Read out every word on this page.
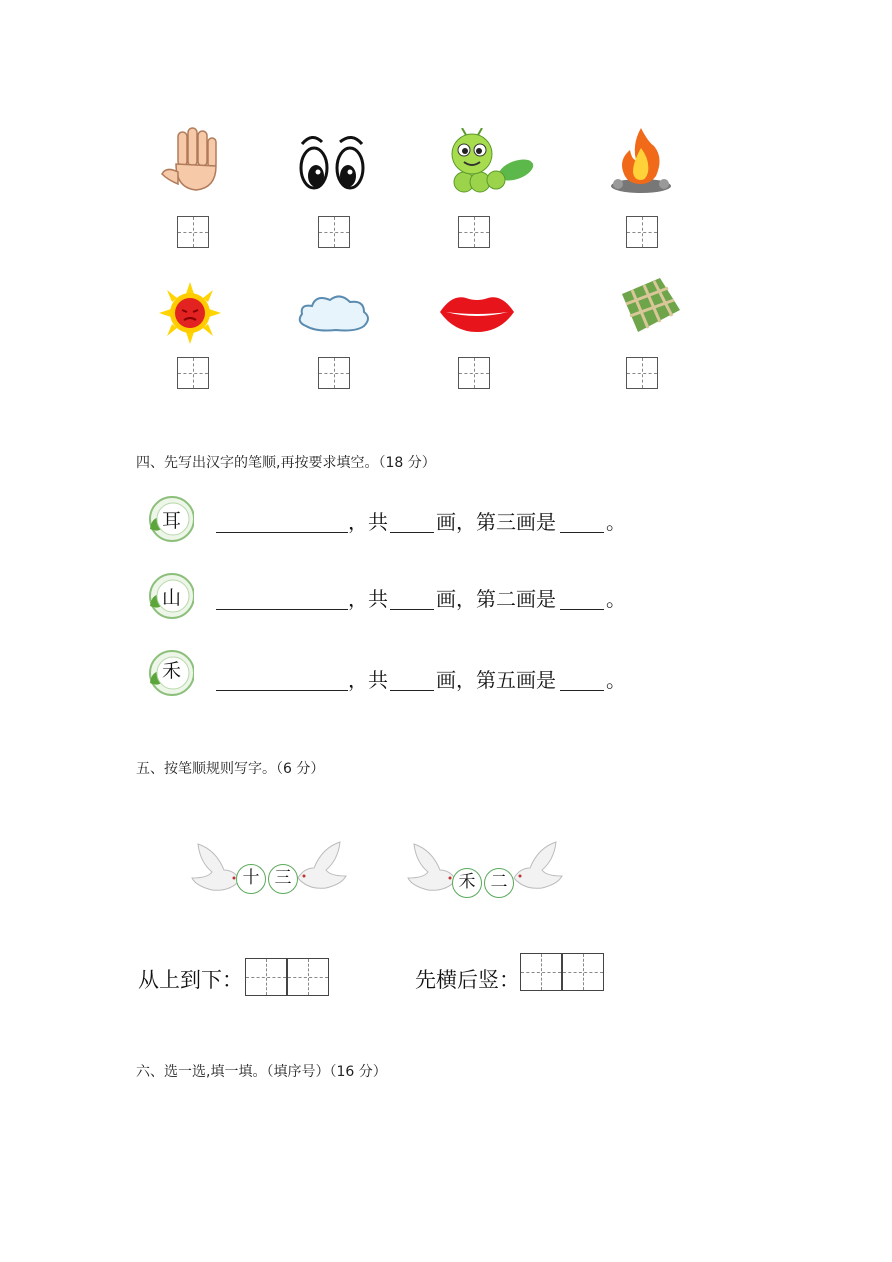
四、先写出汉字的笔顺,再按要求填空。（18 分）
耳	，共 画，第三画是	。
山	，共 画，第二画是	。
禾	，共 画，第五画是	。
五、按笔顺规则写字。（6 分）
十 三	禾 二
从上到下：	先横后竖：
六、选一选,填一填。（填序号）（16 分）
